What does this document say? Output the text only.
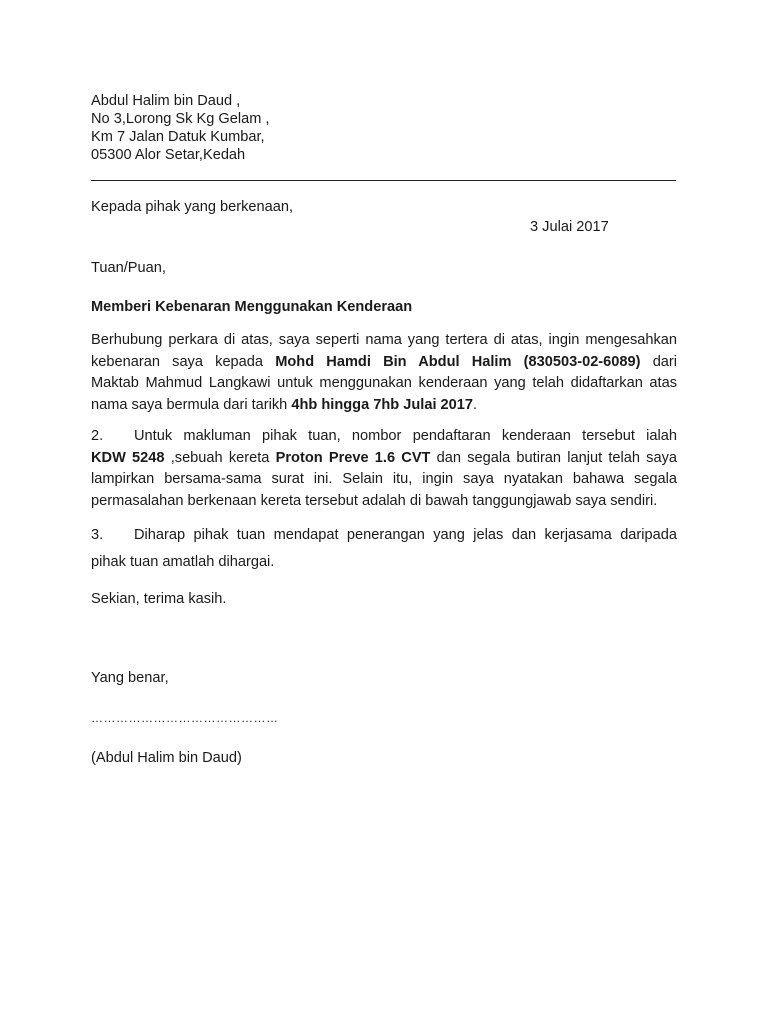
Abdul Halim bin Daud ,
No 3,Lorong Sk Kg Gelam ,
Km 7 Jalan Datuk Kumbar,
05300 Alor Setar,Kedah

Kepada pihak yang berkenaan,

3 Julai 2017

Tuan/Puan,

Memberi Kebenaran Menggunakan Kenderaan

Berhubung perkara di atas, saya seperti nama yang tertera di atas, ingin mengesahkan
kebenaran saya kepada Mohd Hamdi Bin Abdul Halim (830503-02-6089) dari
Maktab Mahmud Langkawi untuk menggunakan kenderaan yang telah didaftarkan atas
nama saya bermula dari tarikh 4hb hingga 7hb Julai 2017.
2. Untuk makluman pihak tuan, nombor pendaftaran kenderaan tersebut ialah
KDW 5248 ,sebuah kereta Proton Preve 1.6 CVT dan segala butiran lanjut telah saya
lampirkan bersama-sama surat ini. Selain itu, ingin saya nyatakan bahawa segala
permasalahan berkenaan kereta tersebut adalah di bawah tanggungjawab saya sendiri.
3. Diharap pihak tuan mendapat penerangan yang jelas dan kerjasama daripada
pihak tuan amatlah dihargai.

Sekian, terima kasih.

Yang benar,

………………………………………

(Abdul Halim bin Daud)
